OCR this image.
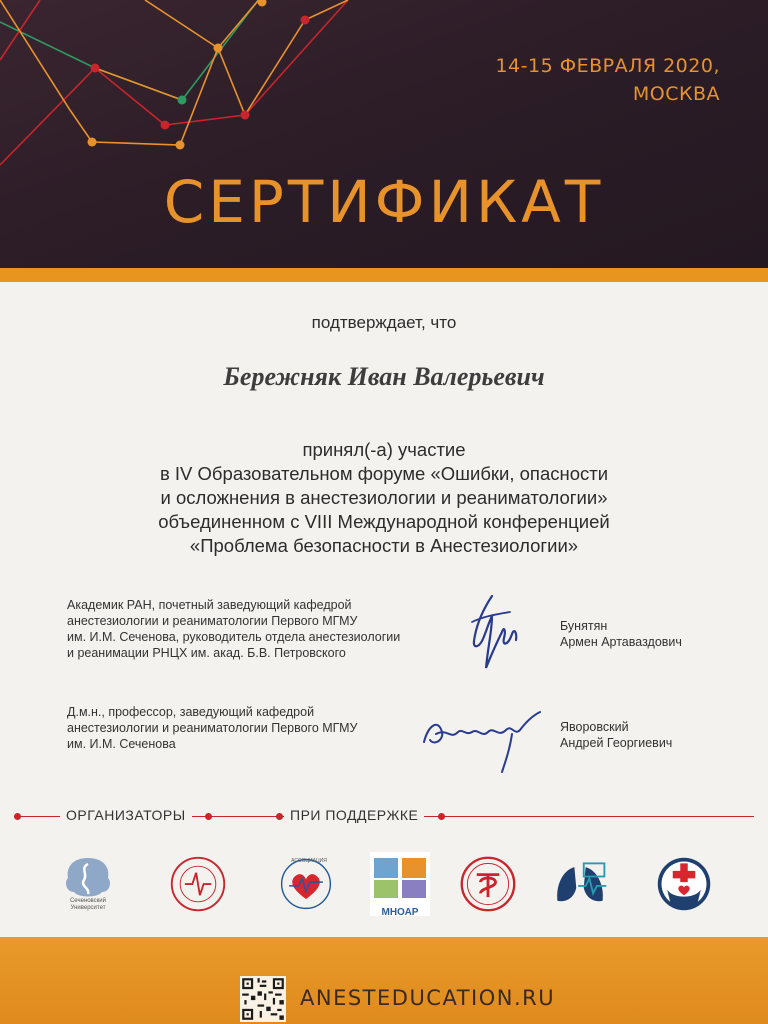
14-15 ФЕВРАЛЯ 2020,
МОСКВА
СЕРТИФИКАТ
подтверждает, что
Бережняк Иван Валерьевич
принял(-а) участие
в IV Образовательном форуме «Ошибки, опасности
и осложнения в анестезиологии и реаниматологии»
объединенном с VIII Международной конференцией
«Проблема безопасности в Анестезиологии»
Академик РАН, почетный заведующий кафедрой
анестезиологии и реаниматологии Первого МГМУ
им. И.М. Сеченова, руководитель отдела анестезиологии
и реанимации РНЦХ им. акад. Б.В. Петровского
Бунятян
Армен Артаваздович
Д.м.н., профессор, заведующий кафедрой
анестезиологии и реаниматологии Первого МГМУ
им. И.М. Сеченова
Яворовский
Андрей Георгиевич
ОРГАНИЗАТОРЫ	ПРИ ПОДДЕРЖКЕ
Сеченовский Университет
АССОЦИАЦИЯ
МНОАР
ANESTEDUCATION.RU
